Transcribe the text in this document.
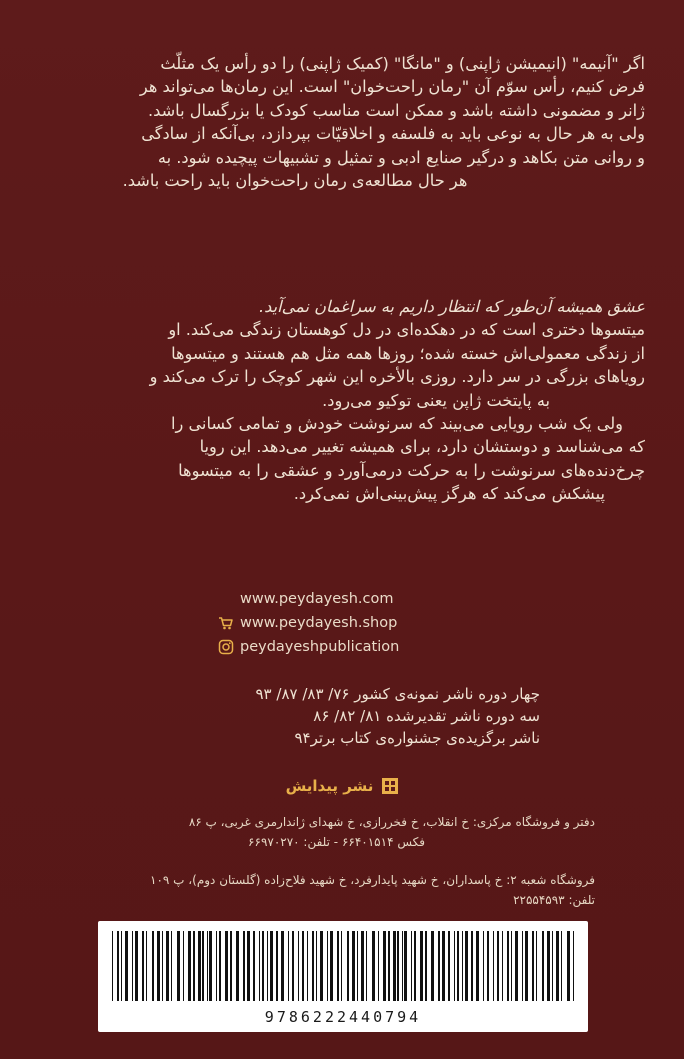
اگر "آنیمه" (انیمیشن ژاپنی) و "مانگا" (کمیک ژاپنی) را دو رأس یک مثلّث
فرض کنیم، رأس سوّم آن "رمان راحت‌خوان" است. این رمان‌ها می‌تواند هر
ژانر و مضمونی داشته باشد و ممکن است مناسب کودک یا بزرگسال باشد.
ولی به هر حال به نوعی باید به فلسفه و اخلاقیّات بپردازد، بی‌آنکه از سادگی
و روانی متن بکاهد و درگیر صنایع ادبی و تمثیل و تشبیهات پیچیده شود. به

هر حال مطالعه‌ی رمان راحت‌خوان باید راحت باشد.
عشق همیشه آن‌طور که انتظار داریم به سراغمان نمی‌آید.
میتسوها دختری است که در دهکده‌ای در دل کوهستان زندگی می‌کند. او
از زندگی معمولی‌اش خسته شده؛ روزها همه مثل هم هستند و میتسوها
رویاهای بزرگی در سر دارد. روزی بالأخره این شهر کوچک را ترک می‌کند و
به پایتخت ژاپن یعنی توکیو می‌رود.
ولی یک شب رویایی می‌بیند که سرنوشت خودش و تمامی کسانی را
که می‌شناسد و دوستشان دارد، برای همیشه تغییر می‌دهد. این رویا
چرخ‌دنده‌های سرنوشت را به حرکت درمی‌آورد و عشقی را به میتسوها
پیشکش می‌کند که هرگز پیش‌بینی‌اش نمی‌کرد.
www.peydayesh.com
www.peydayesh.shop
peydayeshpublication
چهار دوره ناشر نمونه‌ی کشور ۷۶/ ۸۳/ ۸۷/ ۹۳
سه دوره ناشر تقدیرشده ۸۱/ ۸۲/ ۸۶
ناشر برگزیده‌ی جشنواره‌ی کتاب برتر۹۴
نشر پیدایش
دفتر و فروشگاه مرکزی: خ انقلاب، خ فخررازی، خ شهدای ژاندارمری غربی، پ ۸۶
فکس ۶۶۴۰۱۵۱۴ - تلفن: ۶۶۹۷۰۲۷۰
فروشگاه شعبه ۲: خ پاسداران، خ شهید پایدارفرد، خ شهید فلاح‌زاده (گلستان دوم)، پ ۱۰۹
تلفن: ۲۲۵۵۴۵۹۳
9786222440794
